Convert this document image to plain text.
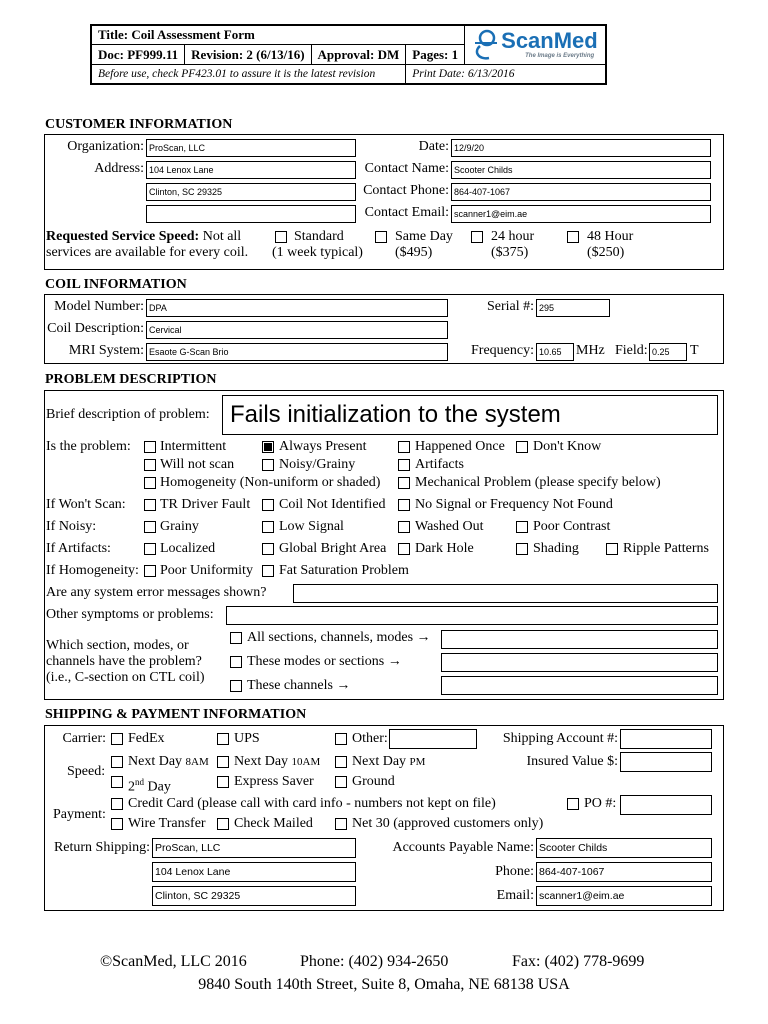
Title: Coil Assessment Form				ScanMed
The Image is Everything

Doc: PF999.11	Revision: 2 (6/13/16)	Approval: DM	Pages: 1	
Before use, check PF423.01 to assure it is the latest revision			Print Date: 6/13/2016	
CUSTOMER INFORMATION
Organization: ProScan, LLC
Address: 104 Lenox Lane
Clinton, SC 29325
Date: 12/9/20
Contact Name: Scooter Childs
Contact Phone: 864-407-1067
Contact Email: scanner1@eim.ae
Requested Service Speed: Not all
services are available for every coil.
Standard
(1 week typical)
Same Day
($495)
24 hour
($375)
48 Hour
($250)
COIL INFORMATION
Model Number: DPA
Coil Description: Cervical
MRI System: Esaote G-Scan Brio
Serial #: 295
Frequency: 10.65	MHz Field: 0.25	T
PROBLEM DESCRIPTION
Brief description of problem: Fails initialization to the system
Is the problem: Intermittent	Always Present	Happened Once Don't Know
Will not scan	Noisy/Grainy	Artifacts
Homogeneity (Non-uniform or shaded) Mechanical Problem (please specify below)
If Won't Scan: TR Driver Fault Coil Not Identified No Signal or Frequency Not Found
If Noisy:	Grainy	Low Signal	Washed Out	Poor Contrast
If Artifacts:	Localized	Global Bright Area Dark Hole	Shading	Ripple Patterns
If Homogeneity: Poor Uniformity Fat Saturation Problem
Are any system error messages shown?
Other symptoms or problems:
Which section, modes, or
channels have the problem?
(i.e., C-section on CTL coil)
All sections, channels, modes →
These modes or sections →
These channels →
SHIPPING & PAYMENT INFORMATION
Carrier: FedEx	UPS	Other:	Shipping Account #:
Speed:
Next Day 8AM Next Day 10AM Next Day PM	Insured Value $:
2nd Day	Express Saver	Ground
Payment:
Credit Card (please call with card info - numbers not kept on file)	PO #:
Wire Transfer Check Mailed	Net 30 (approved customers only)
Return Shipping: ProScan, LLC
104 Lenox Lane
Clinton, SC 29325
Accounts Payable Name: Scooter Childs
Phone: 864-407-1067
Email: scanner1@eim.ae
©ScanMed, LLC 2016	Phone: (402) 934-2650	Fax: (402) 778-9699
9840 South 140th Street, Suite 8, Omaha, NE 68138 USA
